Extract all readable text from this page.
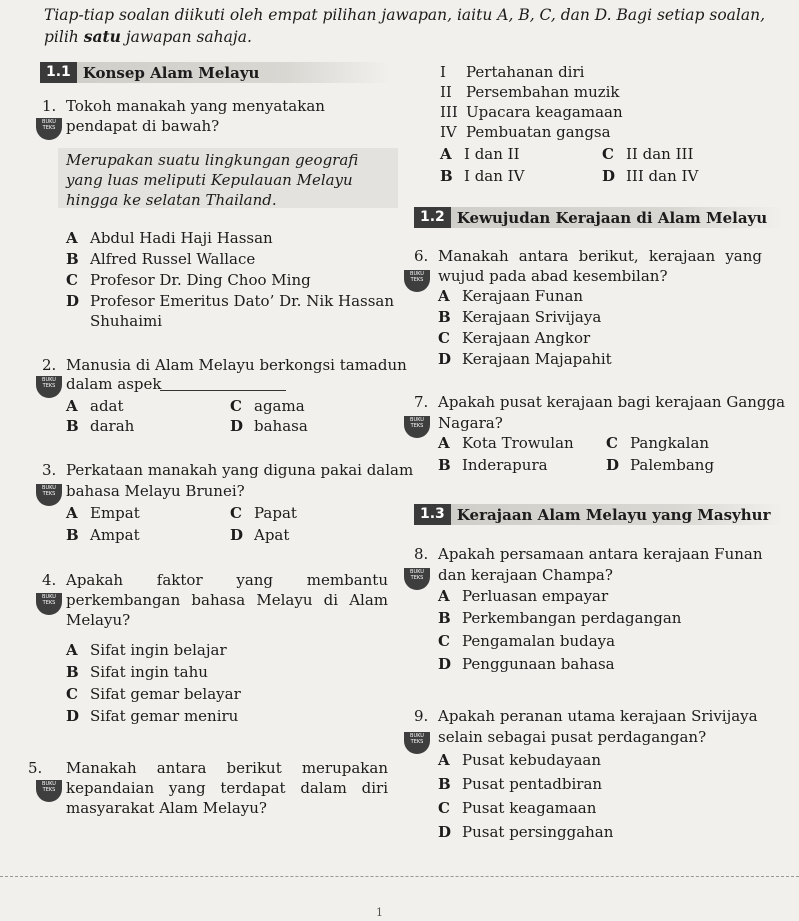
Tiap-tiap soalan diikuti oleh empat pilihan jawapan, iaitu A, B, C, dan D. Bagi setiap soalan, pilih satu jawapan sahaja.
1.1 Konsep Alam Melayu
1. Tokoh manakah yang menyatakan pendapat di bawah?
BUKU TEKS
Merupakan suatu lingkungan geografi yang luas meliputi Kepulauan Melayu hingga ke selatan Thailand.
A Abdul Hadi Haji Hassan
B Alfred Russel Wallace
C Profesor Dr. Ding Choo Ming
D Profesor Emeritus Dato’ Dr. Nik Hassan
Shuhaimi
2. Manusia di Alam Melayu berkongsi tamadun
BUKU TEKS dalam aspek
A adat
B darah
C agama
D bahasa
3. Perkataan manakah yang diguna pakai dalam
BUKU TEKS bahasa Melayu Brunei?
A Empat
B Ampat
C Papat
D Apat
4. Apakah faktor yang membantu perkembangan bahasa Melayu di Alam Melayu?
BUKU TEKS
A Sifat ingin belajar
B Sifat ingin tahu
C Sifat gemar belayar
D Sifat gemar meniru
5. Manakah antara berikut merupakan kepandaian yang terdapat dalam diri masyarakat Alam Melayu?
BUKU TEKS
I Pertahanan diri
II Persembahan muzik
III Upacara keagamaan
IV Pembuatan gangsa
A I dan II
B I dan IV
C II dan III
D III dan IV
1.2 Kewujudan Kerajaan di Alam Melayu
6. Manakah antara berikut, kerajaan yang wujud pada abad kesembilan?
BUKU TEKS
A Kerajaan Funan
B Kerajaan Srivijaya
C Kerajaan Angkor
D Kerajaan Majapahit
7. Apakah pusat kerajaan bagi kerajaan Gangga
BUKU TEKS Nagara?
A Kota Trowulan
B Inderapura
C Pangkalan
D Palembang
1.3 Kerajaan Alam Melayu yang Masyhur
8. Apakah persamaan antara kerajaan Funan
BUKU TEKS dan kerajaan Champa?
A Perluasan empayar
B Perkembangan perdagangan
C Pengamalan budaya
D Penggunaan bahasa
9. Apakah peranan utama kerajaan Srivijaya
BUKU TEKS selain sebagai pusat perdagangan?
A Pusat kebudayaan
B Pusat pentadbiran
C Pusat keagamaan
D Pusat persinggahan
1
